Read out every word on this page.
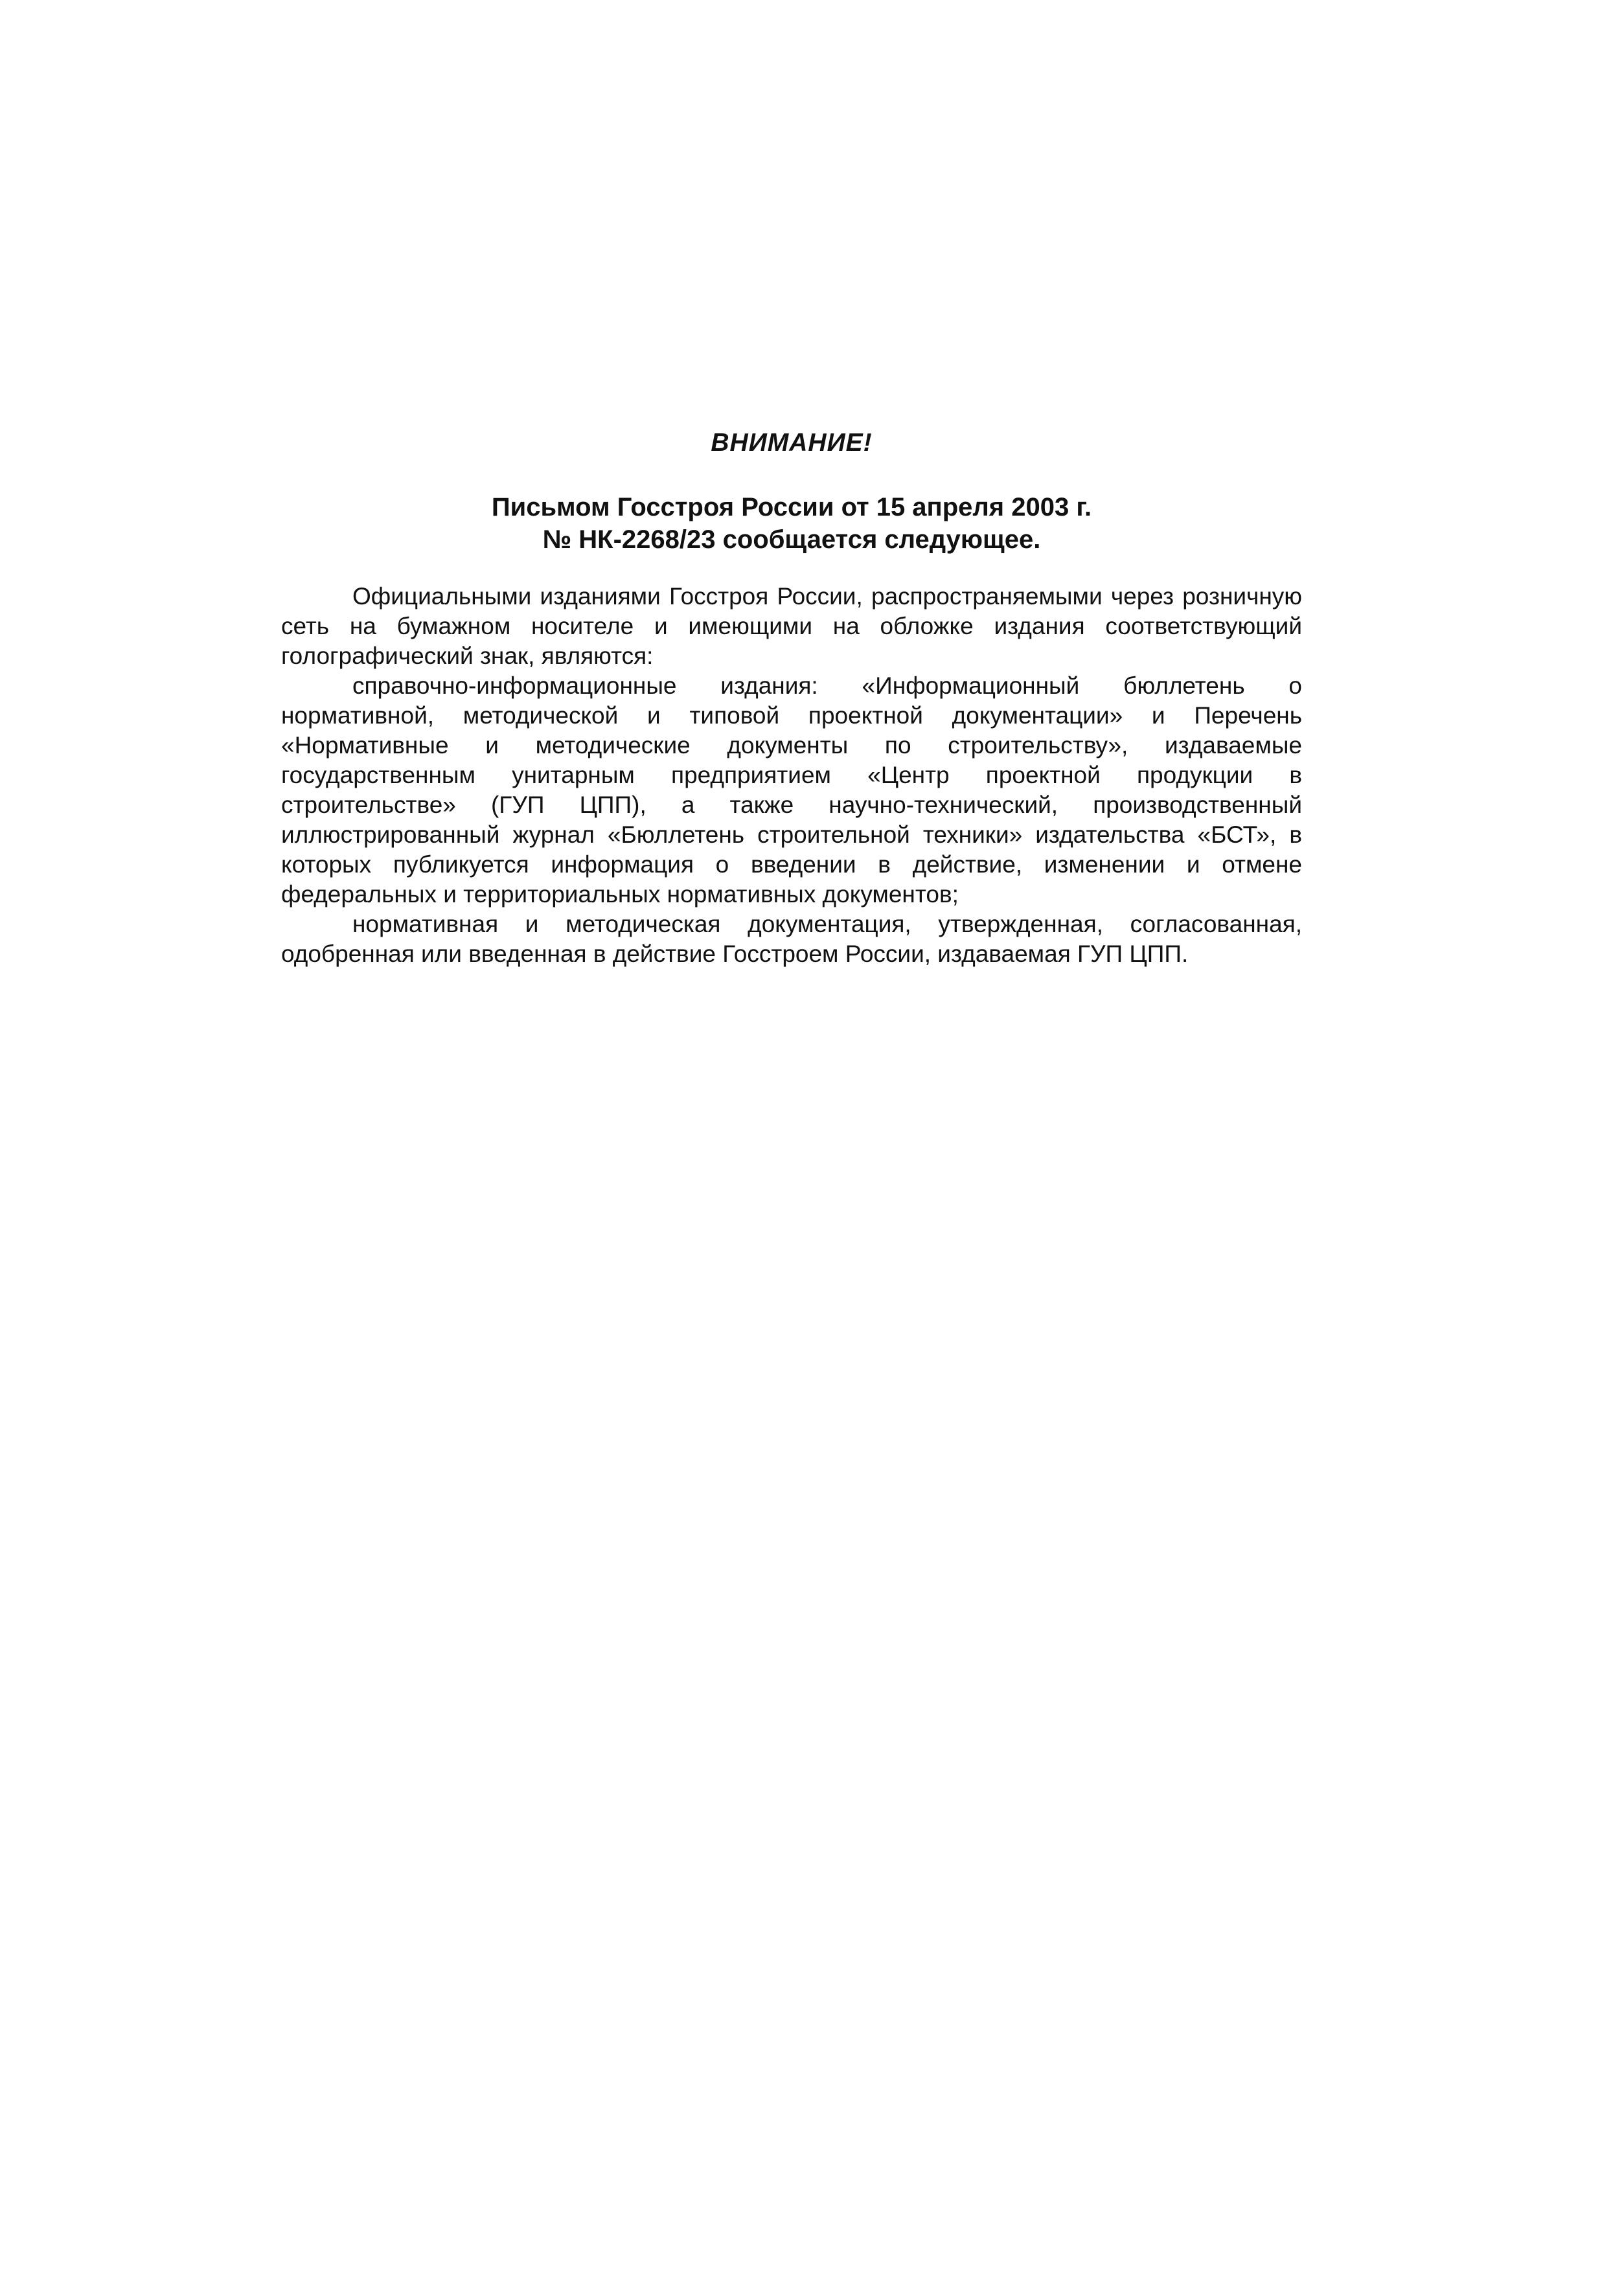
ВНИМАНИЕ!
Письмом Госстроя России от 15 апреля 2003 г.
№ НК-2268/23 сообщается следующее.

Официальными изданиями Госстроя России, распространяемыми через розничную сеть на бумажном носителе и имеющими на обложке издания соответствующий голографический знак, являются:

справочно-информационные издания: «Информационный бюллетень о нормативной, методической и типовой проектной документации» и Перечень «Нормативные и методические документы по строительству», издаваемые государственным унитарным предприятием «Центр проектной продукции в строительстве» (ГУП ЦПП), а также научно-технический, производственный иллюстрированный журнал «Бюллетень строительной техники» издательства «БСТ», в которых публикуется информация о введении в действие, изменении и отмене федеральных и территориальных нормативных документов;

нормативная и методическая документация, утвержденная, согласованная, одобренная или введенная в действие Госстроем России, издаваемая ГУП ЦПП.
